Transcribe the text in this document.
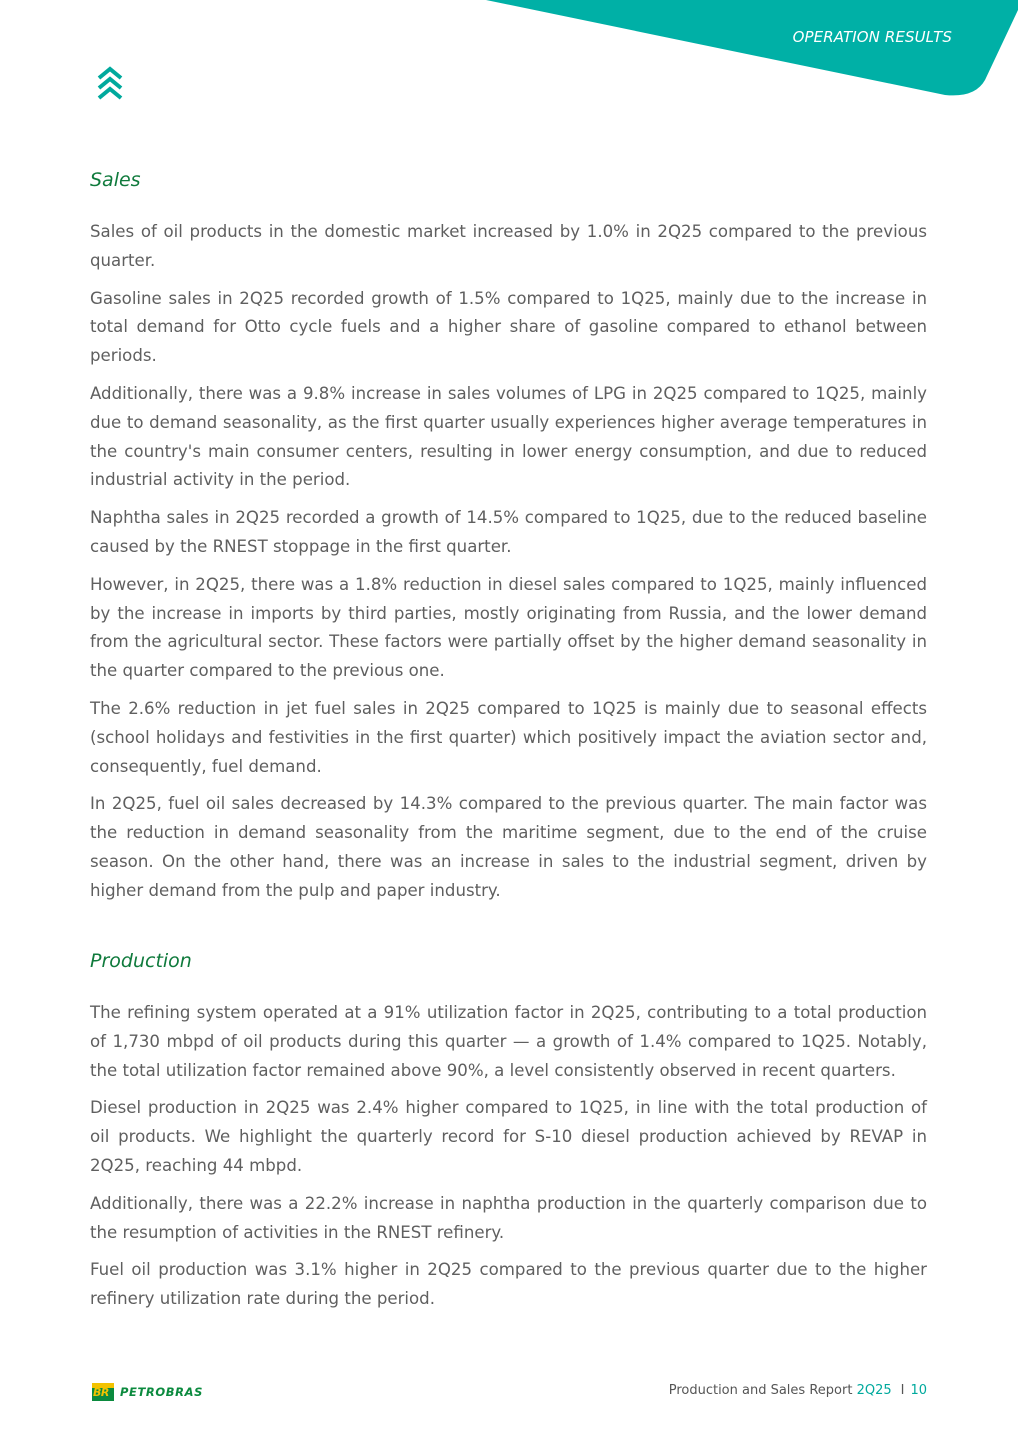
OPERATION RESULTS
Sales

Sales of oil products in the domestic market increased by 1.0% in 2Q25 compared to the previous quarter.

Gasoline sales in 2Q25 recorded growth of 1.5% compared to 1Q25, mainly due to the increase in total demand for Otto cycle fuels and a higher share of gasoline compared to ethanol between periods.

Additionally, there was a 9.8% increase in sales volumes of LPG in 2Q25 compared to 1Q25, mainly due to demand seasonality, as the first quarter usually experiences higher average temperatures in the country's main consumer centers, resulting in lower energy consumption, and due to reduced industrial activity in the period.

Naphtha sales in 2Q25 recorded a growth of 14.5% compared to 1Q25, due to the reduced baseline caused by the RNEST stoppage in the first quarter.

However, in 2Q25, there was a 1.8% reduction in diesel sales compared to 1Q25, mainly influenced by the increase in imports by third parties, mostly originating from Russia, and the lower demand from the agricultural sector. These factors were partially offset by the higher demand seasonality in the quarter compared to the previous one.

The 2.6% reduction in jet fuel sales in 2Q25 compared to 1Q25 is mainly due to seasonal effects (school holidays and festivities in the first quarter) which positively impact the aviation sector and, consequently, fuel demand.

In 2Q25, fuel oil sales decreased by 14.3% compared to the previous quarter. The main factor was the reduction in demand seasonality from the maritime segment, due to the end of the cruise season. On the other hand, there was an increase in sales to the industrial segment, driven by higher demand from the pulp and paper industry.

Production

The refining system operated at a 91% utilization factor in 2Q25, contributing to a total production of 1,730 mbpd of oil products during this quarter — a growth of 1.4% compared to 1Q25. Notably, the total utilization factor remained above 90%, a level consistently observed in recent quarters.

Diesel production in 2Q25 was 2.4% higher compared to 1Q25, in line with the total production of oil products. We highlight the quarterly record for S-10 diesel production achieved by REVAP in 2Q25, reaching 44 mbpd.

Additionally, there was a 22.2% increase in naphtha production in the quarterly comparison due to the resumption of activities in the RNEST refinery.

Fuel oil production was 3.1% higher in 2Q25 compared to the previous quarter due to the higher refinery utilization rate during the period.

BR PETROBRAS	Production and Sales Report 2Q25 I 10
